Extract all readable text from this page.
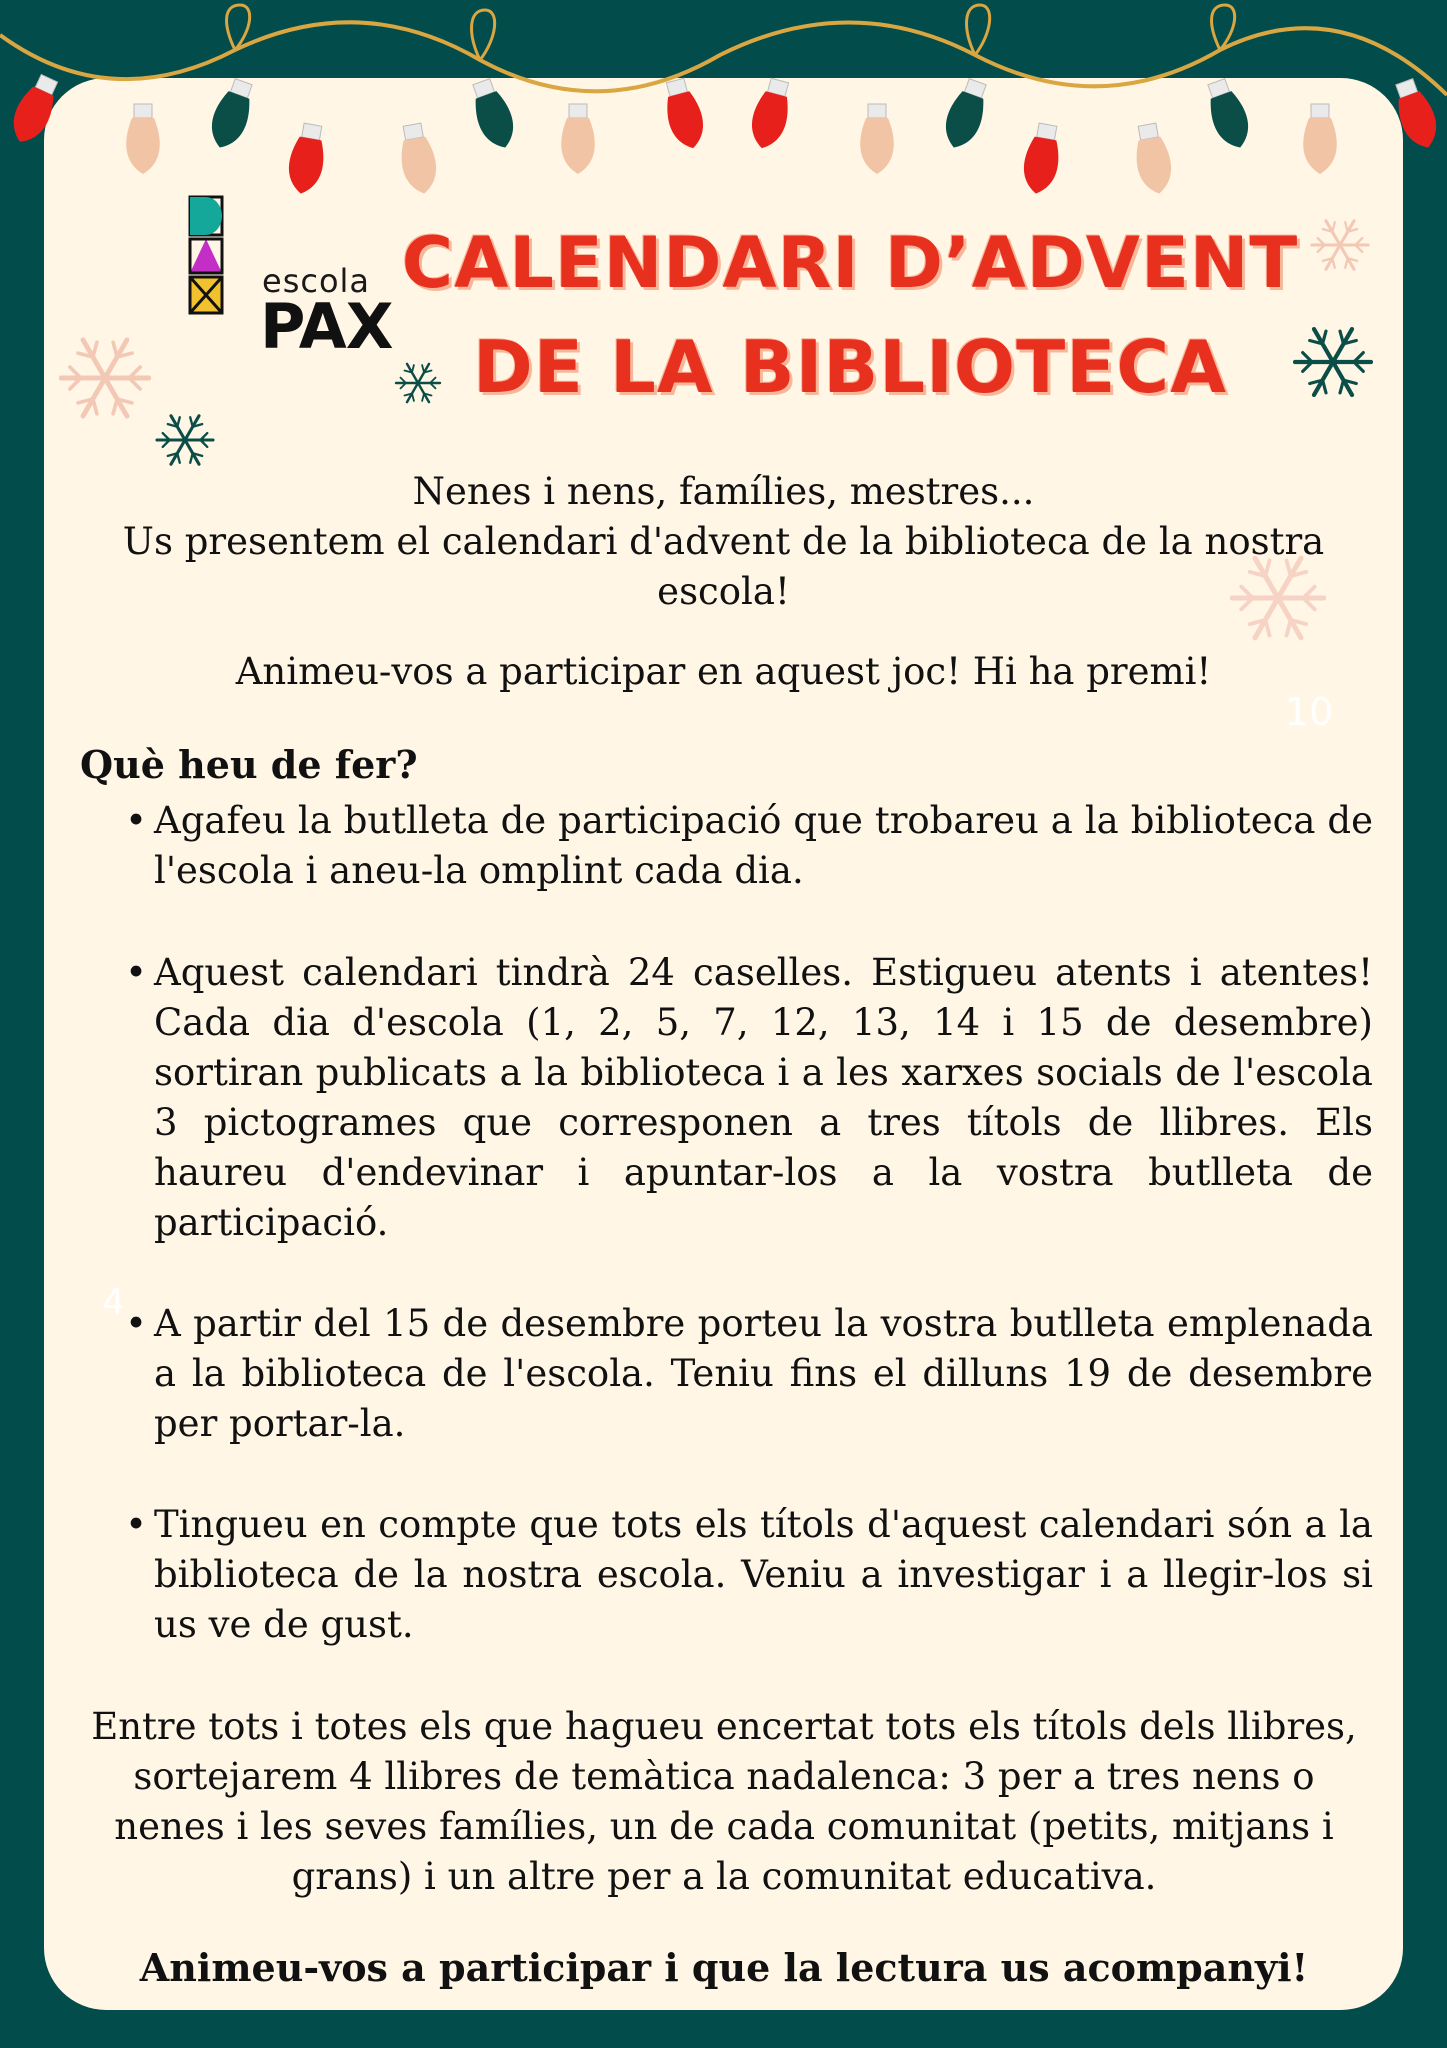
escola
PAX
CALENDARI D’ADVENT
DE LA BIBLIOTECA
Nenes i nens, famílies, mestres...
Us presentem el calendari d'advent de la biblioteca de la nostra escola!
Animeu-vos a participar en aquest joc! Hi ha premi!
Què heu de fer?
• Agafeu la butlleta de participació que trobareu a la biblioteca de l'escola i aneu-la omplint cada dia.
• Aquest calendari tindrà 24 caselles. Estigueu atents i atentes! Cada dia d'escola (1, 2, 5, 7, 12, 13, 14 i 15 de desembre) sortiran publicats a la biblioteca i a les xarxes socials de l'escola 3 pictogrames que corresponen a tres títols de llibres. Els haureu d'endevinar i apuntar-los a la vostra butlleta de participació.
• A partir del 15 de desembre porteu la vostra butlleta emplenada a la biblioteca de l'escola. Teniu fins el dilluns 19 de desembre per portar-la.
• Tingueu en compte que tots els títols d'aquest calendari són a la biblioteca de la nostra escola. Veniu a investigar i a llegir-los si us ve de gust.
Entre tots i totes els que hagueu encertat tots els títols dels llibres, sortejarem 4 llibres de temàtica nadalenca: 3 per a tres nens o nenes i les seves famílies, un de cada comunitat (petits, mitjans i grans) i un altre per a la comunitat educativa.
Animeu-vos a participar i que la lectura us acompanyi!
10
4
